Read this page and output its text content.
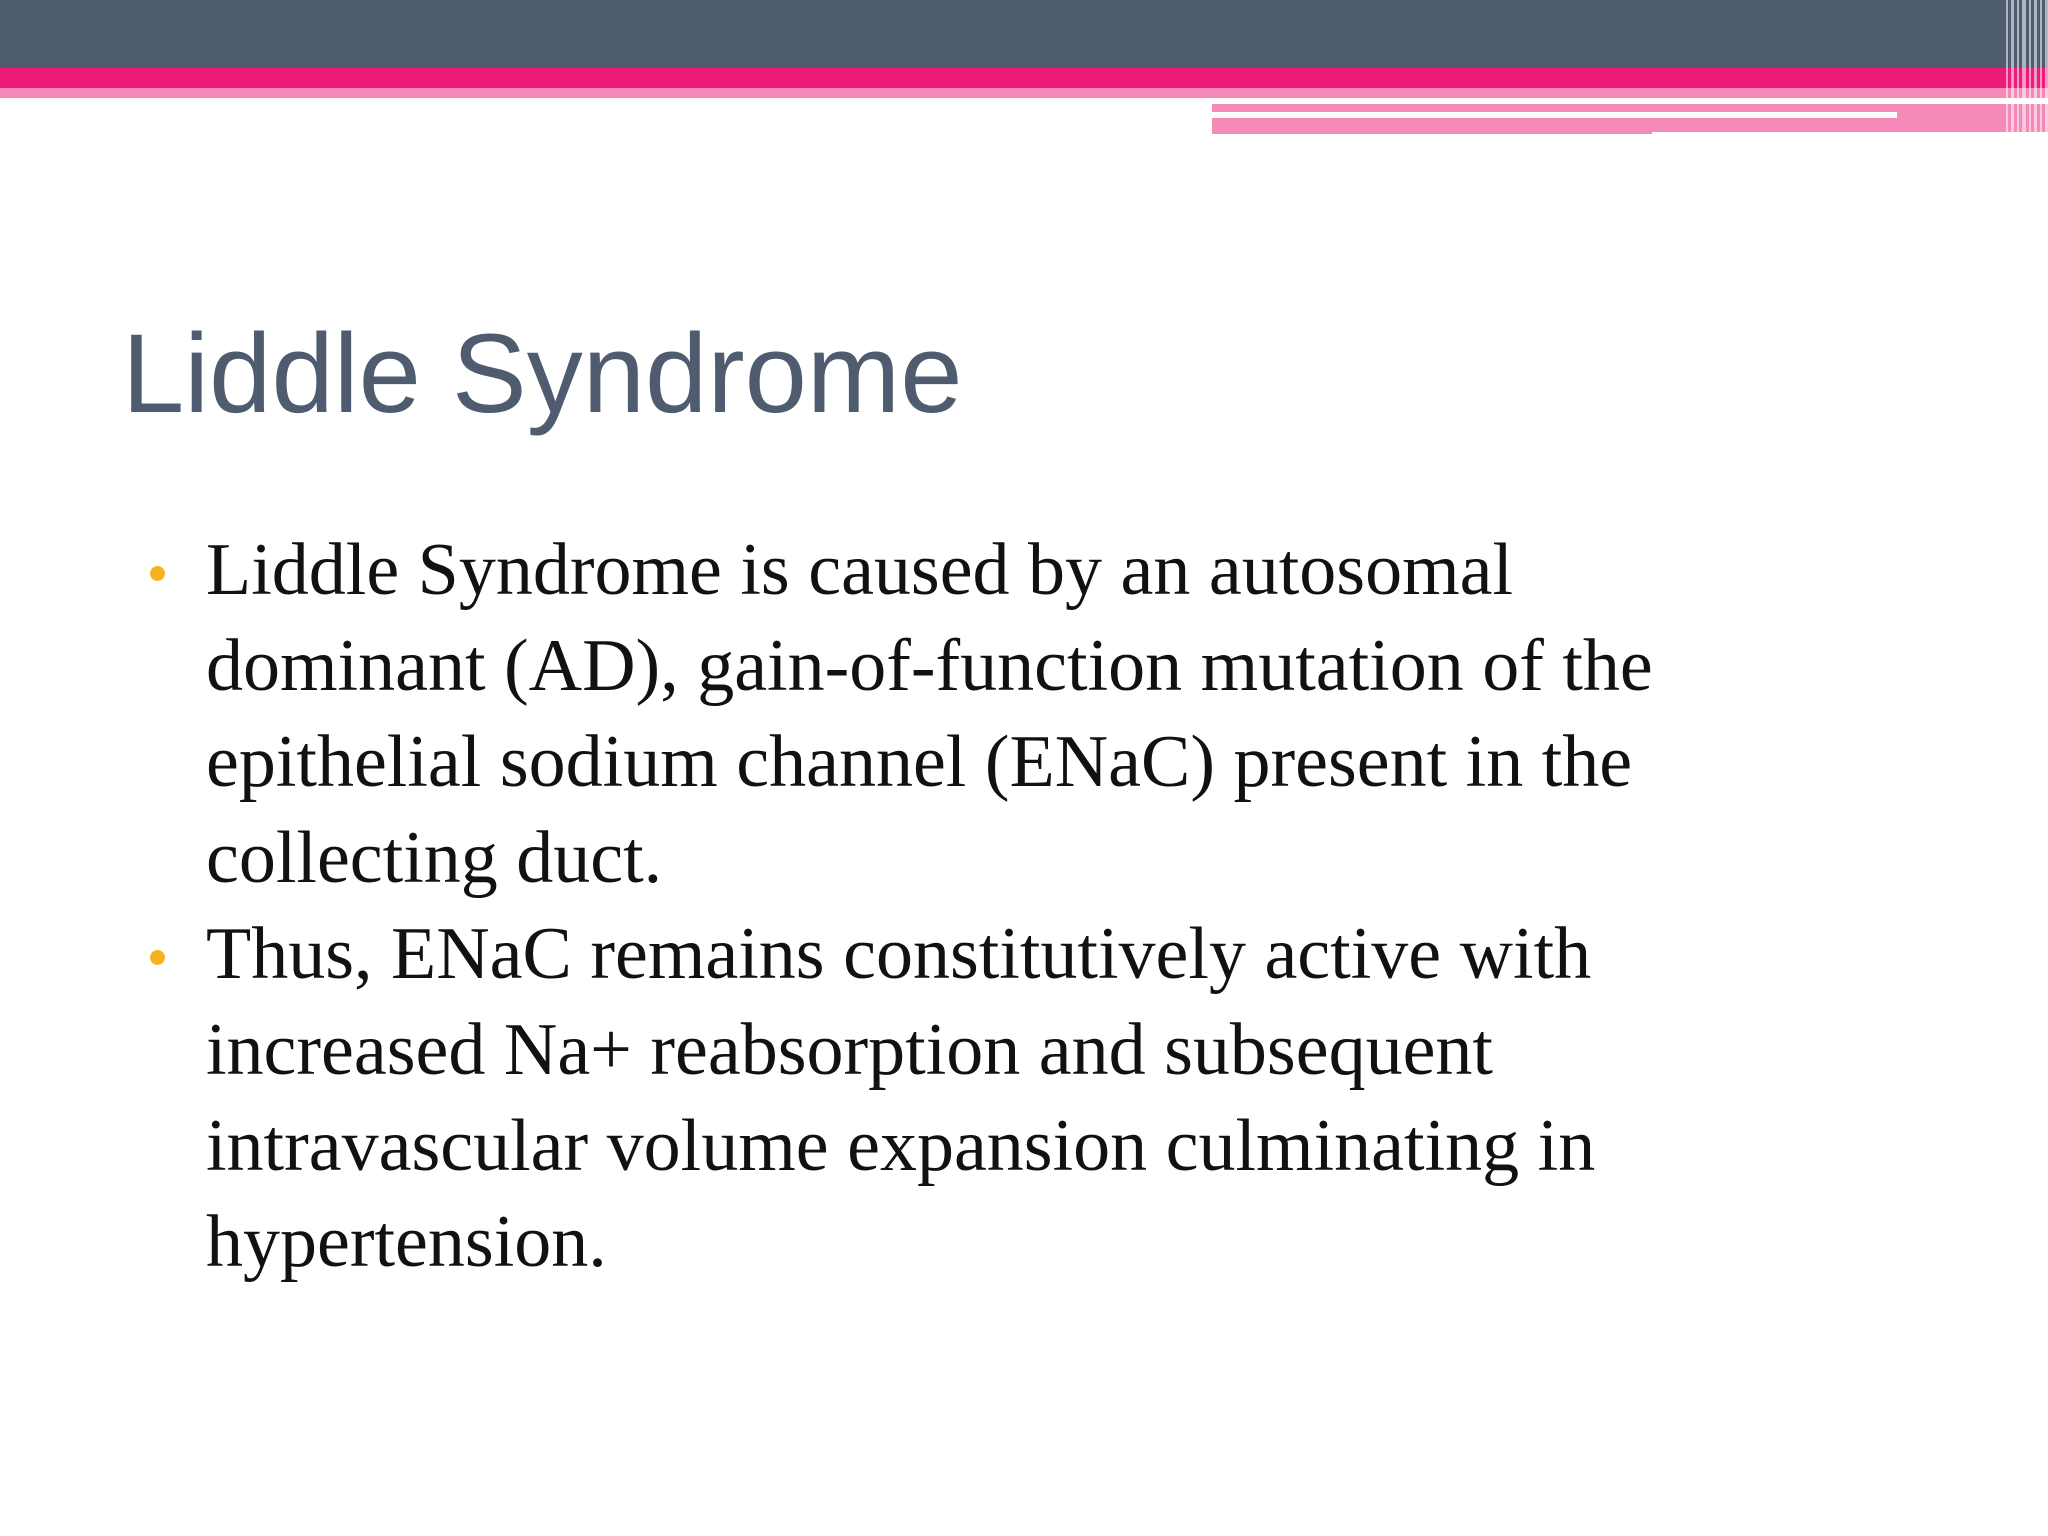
Liddle Syndrome
Liddle Syndrome is caused by an autosomal
dominant (AD), gain-of-function mutation of the
epithelial sodium channel (ENaC) present in the
collecting duct.
Thus, ENaC remains constitutively active with
increased Na+ reabsorption and subsequent
intravascular volume expansion culminating in
hypertension.
